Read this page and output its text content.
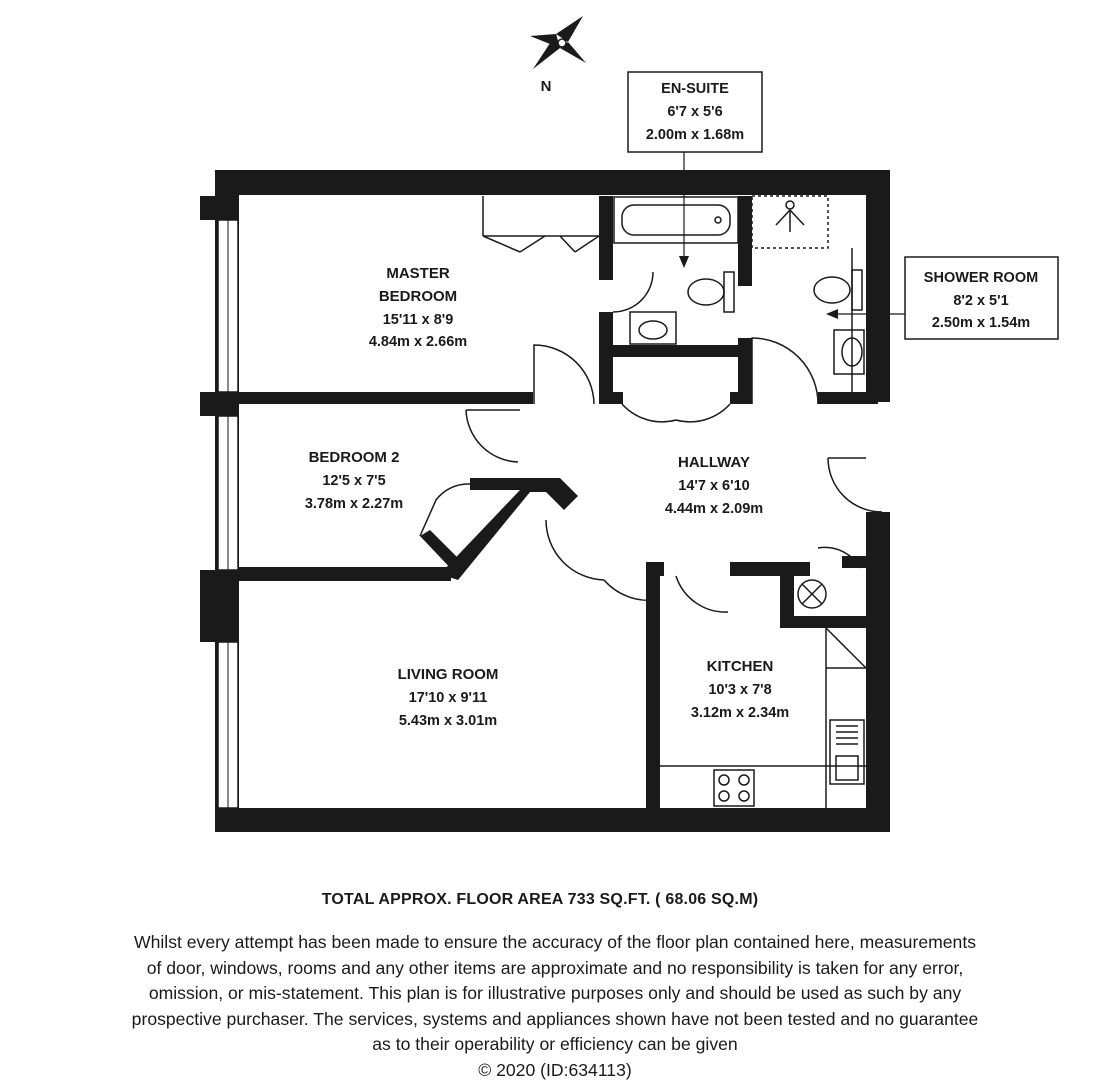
N
MASTER
BEDROOM
15'11 x 8'9
4.84m x 2.66m
BEDROOM 2
12'5 x 7'5
3.78m x 2.27m
HALLWAY
14'7 x 6'10
4.44m x 2.09m
LIVING ROOM
17'10 x 9'11
5.43m x 3.01m
KITCHEN
10'3 x 7'8
3.12m x 2.34m
EN-SUITE
6'7 x 5'6
2.00m x 1.68m
SHOWER ROOM
8'2 x 5'1
2.50m x 1.54m
TOTAL APPROX. FLOOR AREA 733 SQ.FT. ( 68.06 SQ.M)
Whilst every attempt has been made to ensure the accuracy of the floor plan contained here, measurements
of door, windows, rooms and any other items are approximate and no responsibility is taken for any error,
omission, or mis-statement. This plan is for illustrative purposes only and should be used as such by any
prospective purchaser. The services, systems and appliances shown have not been tested and no guarantee
as to their operability or efficiency can be given
© 2020 (ID:634113)
